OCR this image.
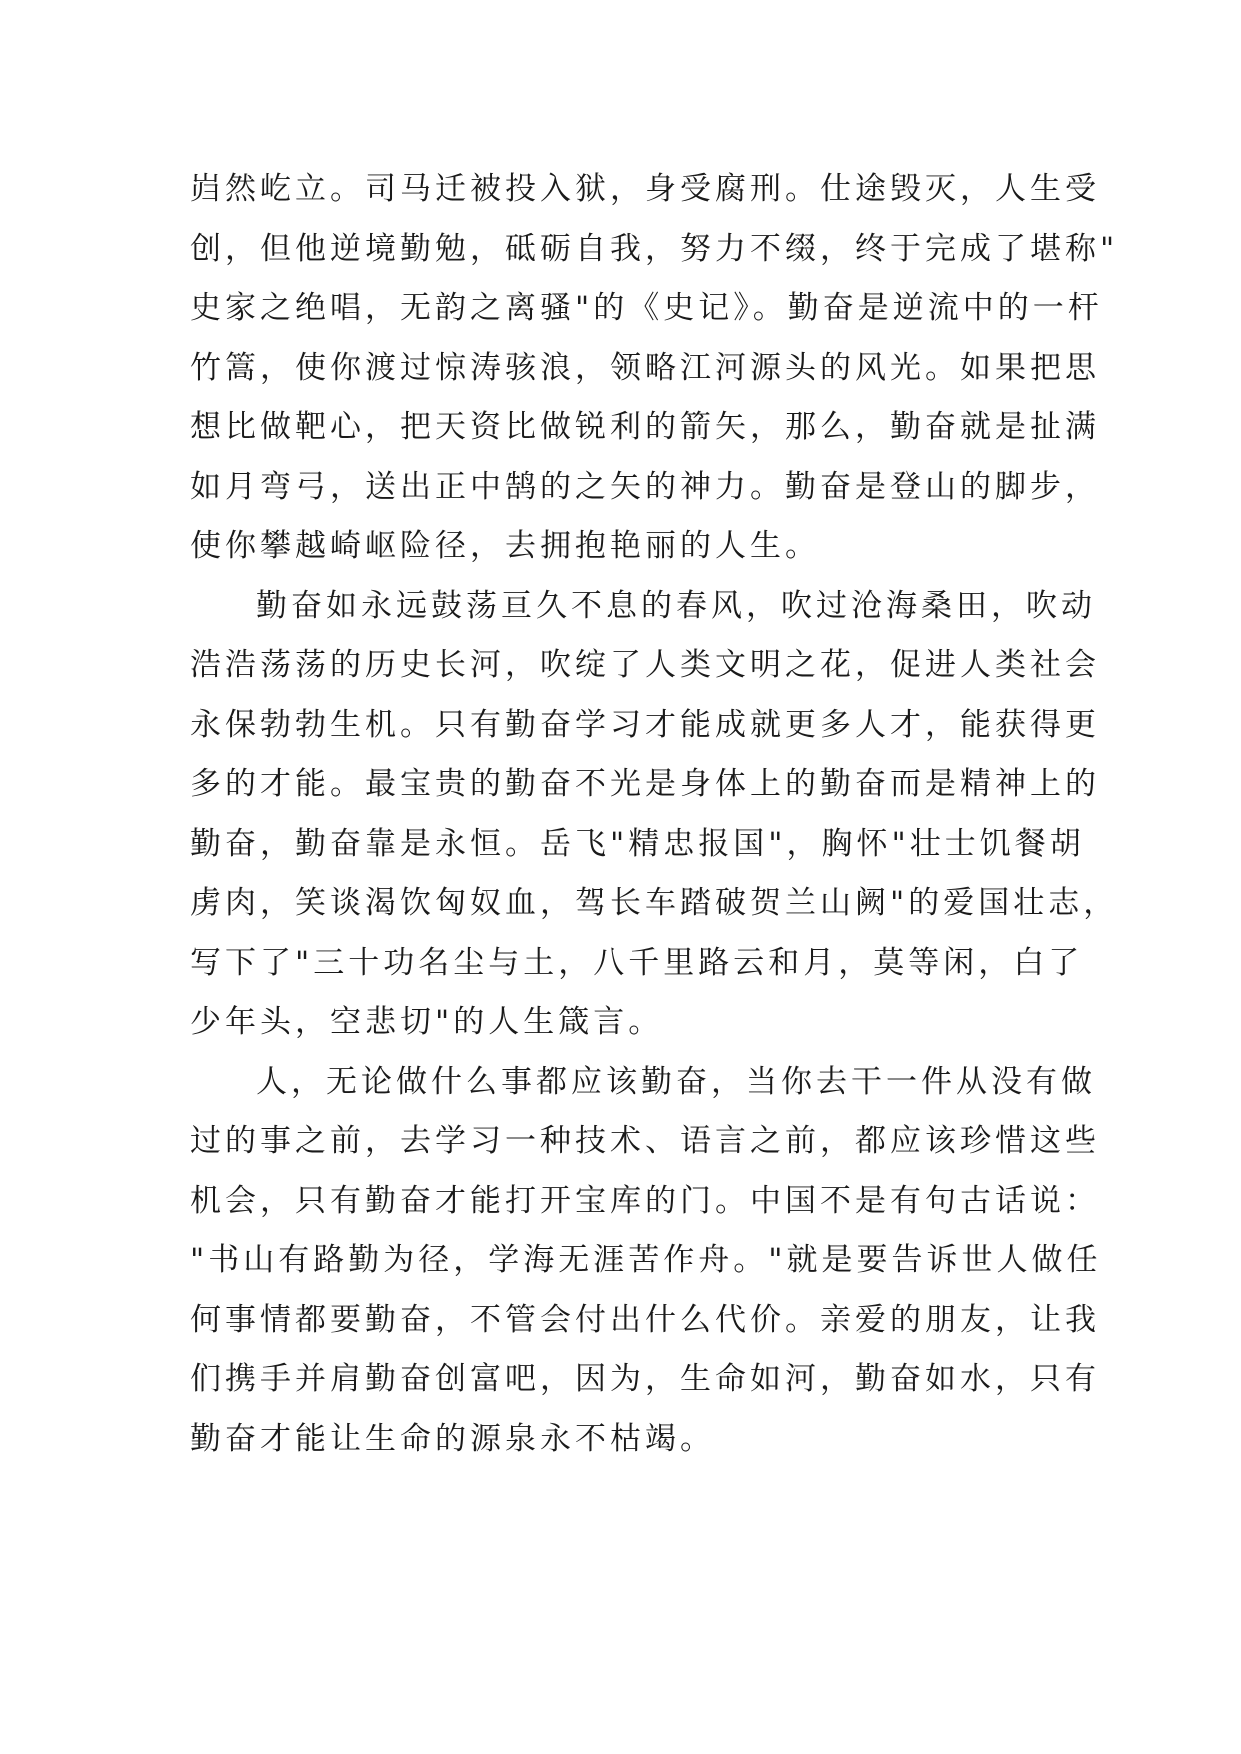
岿然屹立。司马迁被投入狱，身受腐刑。仕途毁灭，人生受
创，但他逆境勤勉，砥砺自我，努力不缀，终于完成了堪称"
史家之绝唱，无韵之离骚"的《史记》。勤奋是逆流中的一杆
竹篙，使你渡过惊涛骇浪，领略江河源头的风光。如果把思
想比做靶心，把天资比做锐利的箭矢，那么，勤奋就是扯满
如月弯弓，送出正中鹄的之矢的神力。勤奋是登山的脚步，
使你攀越崎岖险径，去拥抱艳丽的人生。
勤奋如永远鼓荡亘久不息的春风，吹过沧海桑田，吹动
浩浩荡荡的历史长河，吹绽了人类文明之花，促进人类社会
永保勃勃生机。只有勤奋学习才能成就更多人才，能获得更
多的才能。最宝贵的勤奋不光是身体上的勤奋而是精神上的
勤奋，勤奋靠是永恒。岳飞"精忠报国"，胸怀"壮士饥餐胡
虏肉，笑谈渴饮匈奴血，驾长车踏破贺兰山阙"的爱国壮志，
写下了"三十功名尘与土，八千里路云和月，莫等闲，白了
少年头，空悲切"的人生箴言。
人，无论做什么事都应该勤奋，当你去干一件从没有做
过的事之前，去学习一种技术、语言之前，都应该珍惜这些
机会，只有勤奋才能打开宝库的门。中国不是有句古话说：
"书山有路勤为径，学海无涯苦作舟。"就是要告诉世人做任
何事情都要勤奋，不管会付出什么代价。亲爱的朋友，让我
们携手并肩勤奋创富吧，因为，生命如河，勤奋如水，只有
勤奋才能让生命的源泉永不枯竭。
